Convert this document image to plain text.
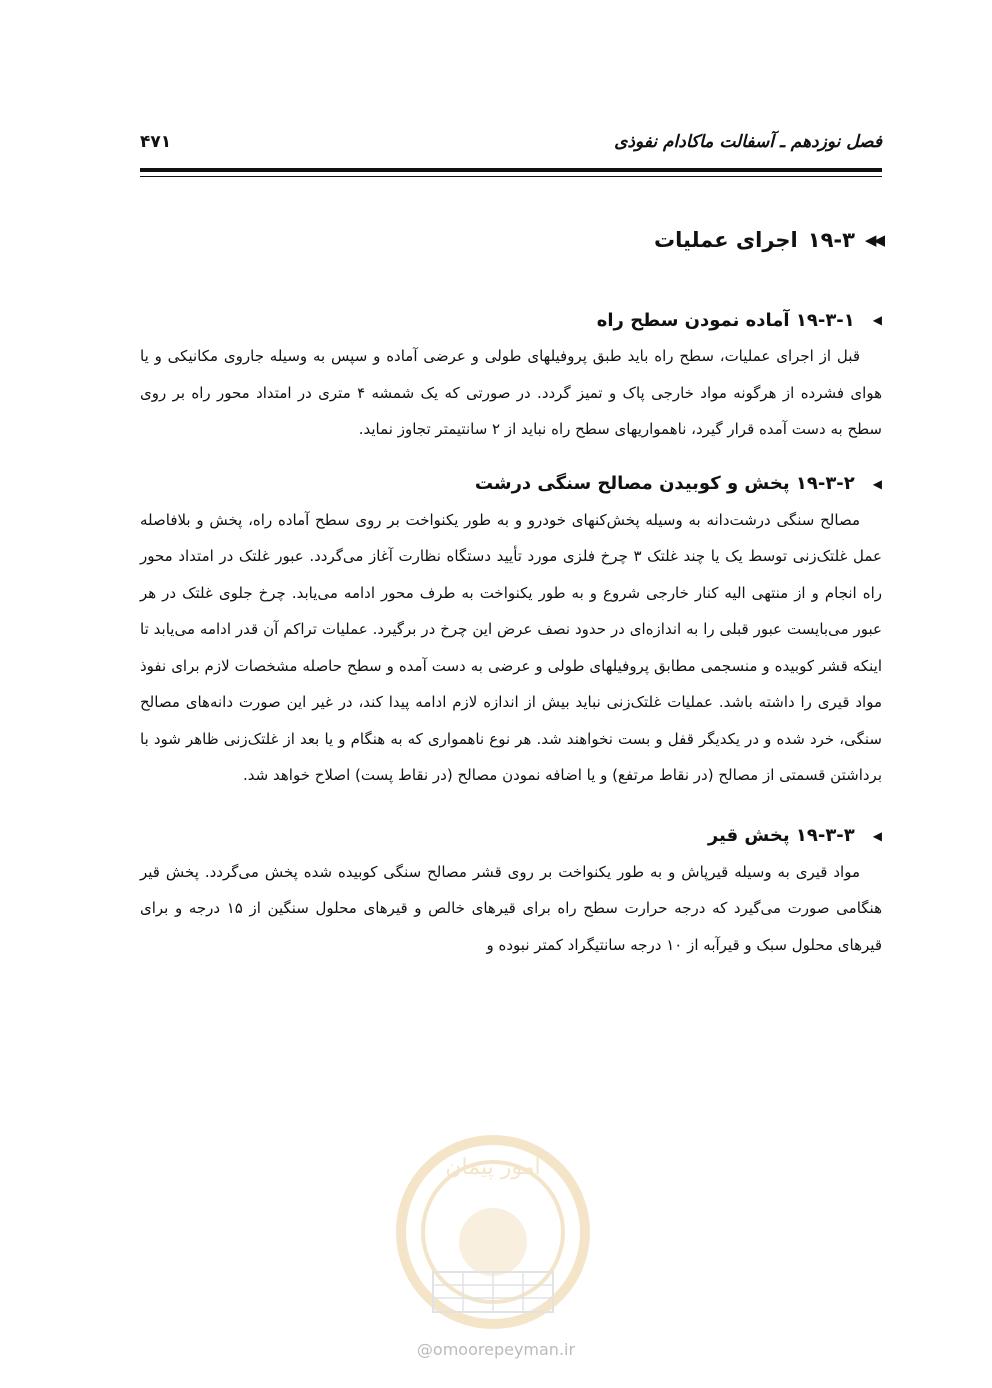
فصل نوزدهم ـ آسفالت ماکادام نفوذی
۴۷۱
◀◀
۱۹-۳
اجرای عملیات
◀
۱۹-۳-۱ آماده نمودن سطح راه

قبل از اجرای عملیات، سطح راه باید طبق پروفیلهای طولی و عرضی آماده و سپس به وسیله جاروی مکانیکی و یا هوای فشرده از هرگونه مواد خارجی پاک و تمیز گردد. در صورتی که یک شمشه ۴ متری در امتداد محور راه بر روی سطح به دست آمده قرار گیرد، ناهمواریهای سطح راه نباید از ۲ سانتیمتر تجاوز نماید.

◀
۱۹-۳-۲ پخش و کوبیدن مصالح سنگی درشت

مصالح سنگی درشت‌دانه به وسیله پخش‌کنهای خودرو و به طور یکنواخت بر روی سطح آماده راه، پخش و بلافاصله عمل غلتک‌زنی توسط یک یا چند غلتک ۳ چرخ فلزی مورد تأیید دستگاه نظارت آغاز می‌گردد. عبور غلتک در امتداد محور راه انجام و از منتهی الیه کنار خارجی شروع و به طور یکنواخت به طرف محور ادامه می‌یابد. چرخ جلوی غلتک در هر عبور می‌بایست عبور قبلی را به اندازه‌ای در حدود نصف عرض این چرخ در برگیرد. عملیات تراکم آن قدر ادامه می‌یابد تا اینکه قشر کوبیده و منسجمی مطابق پروفیلهای طولی و عرضی به دست آمده و سطح حاصله مشخصات لازم برای نفوذ مواد قیری را داشته باشد. عملیات غلتک‌زنی نباید بیش از اندازه لازم ادامه پیدا کند، در غیر این صورت دانه‌های مصالح سنگی، خرد شده و در یکدیگر قفل و بست نخواهند شد. هر نوع ناهمواری که به هنگام و یا بعد از غلتک‌زنی ظاهر شود با برداشتن قسمتی از مصالح (در نقاط مرتفع) و یا اضافه نمودن مصالح (در نقاط پست) اصلاح خواهد شد.

◀
۱۹-۳-۳ پخش قیر

مواد قیری به وسیله قیرپاش و به طور یکنواخت بر روی قشر مصالح سنگی کوبیده شده پخش می‌گردد. پخش قیر هنگامی صورت می‌گیرد که درجه حرارت سطح راه برای قیرهای خالص و قیرهای محلول سنگین از ۱۵ درجه و برای قیرهای محلول سبک و قیرآبه از ۱۰ درجه سانتیگراد کمتر نبوده و

امور پیمان
@omoorepeyman.ir
